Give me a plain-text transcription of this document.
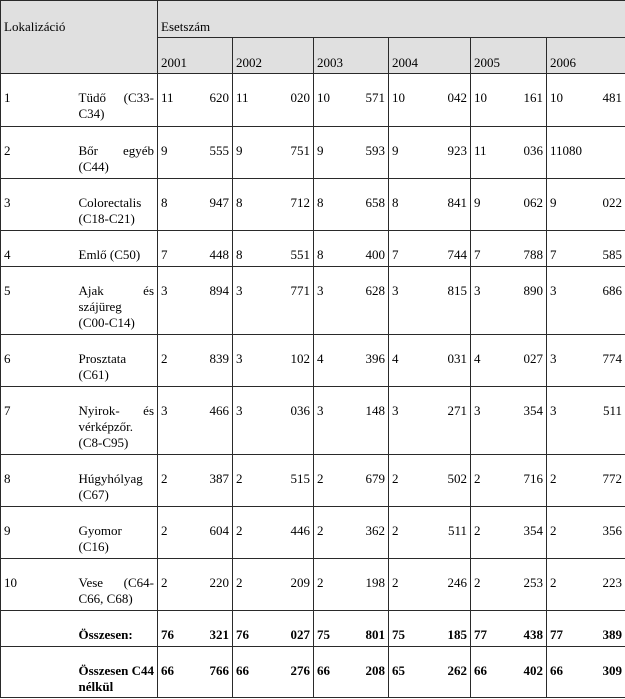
Lokalizáció		Esetszám					

		2001	2002	2003	2004	2005	2006

1	Tüdő (C33-C34)	11 620	11 020	10 571	10 042	10 161	10 481

2	Bőr egyéb (C44)	9 555	9 751	9 593	9 923	11 036	11080

3	Colorectalis (C18-C21)	8 947	8 712	8 658	8 841	9 062	9 022

4	Emlő (C50)	7 448	8 551	8 400	7 744	7 788	7 585

5	Ajak és szájüreg (C00-C14)	3 894	3 771	3 628	3 815	3 890	3 686

6	Prosztata (C61)	2 839	3 102	4 396	4 031	4 027	3 774

7	Nyirok- és vérképzőr. (C8-C95)	3 466	3 036	3 148	3 271	3 354	3 511

8	Húgyhólyag (C67)	2 387	2 515	2 679	2 502	2 716	2 772

9	Gyomor (C16)	2 604	2 446	2 362	2 511	2 354	2 356

10	Vese (C64-C66, C68)	2 220	2 209	2 198	2 246	2 253	2 223

	Összesen:	76 321	76 027	75 801	75 185	77 438	77 389

	Összesen C44 nélkül	66 766	66 276	66 208	65 262	66 402	66 309
